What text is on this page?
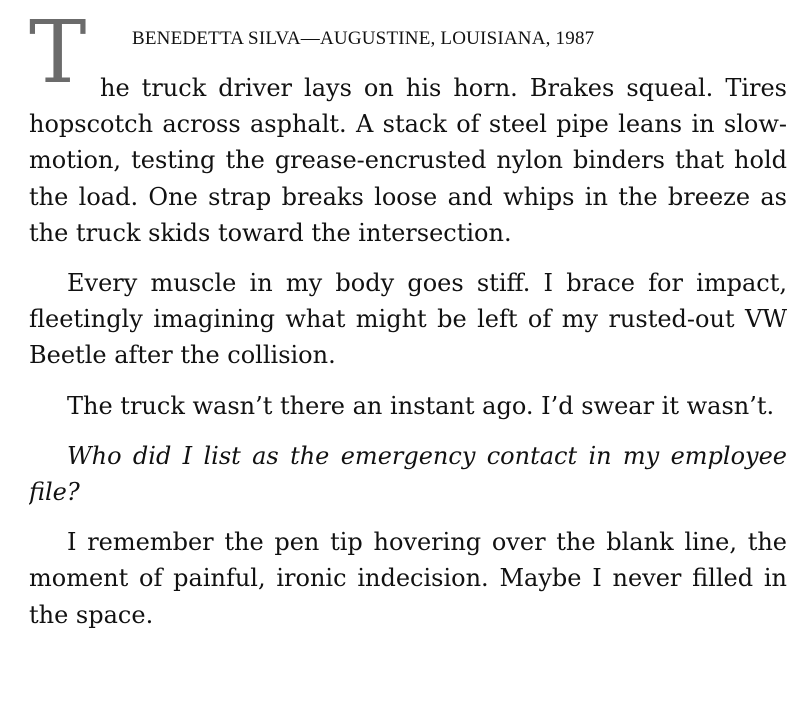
T BENEDETTA SILVA—AUGUSTINE, LOUISIANA, 1987

he truck driver lays on his horn. Brakes squeal. Tires hopscotch across asphalt. A stack of steel pipe leans in slow-motion, testing the grease-encrusted nylon binders that hold the load. One strap breaks loose and whips in the breeze as the truck skids toward the intersection.

Every muscle in my body goes stiff. I brace for impact, fleetingly imagining what might be left of my rusted-out VW Beetle after the collision.

The truck wasn’t there an instant ago. I’d swear it wasn’t.

Who did I list as the emergency contact in my employee file?

I remember the pen tip hovering over the blank line, the moment of painful, ironic indecision. Maybe I never filled in the space.
